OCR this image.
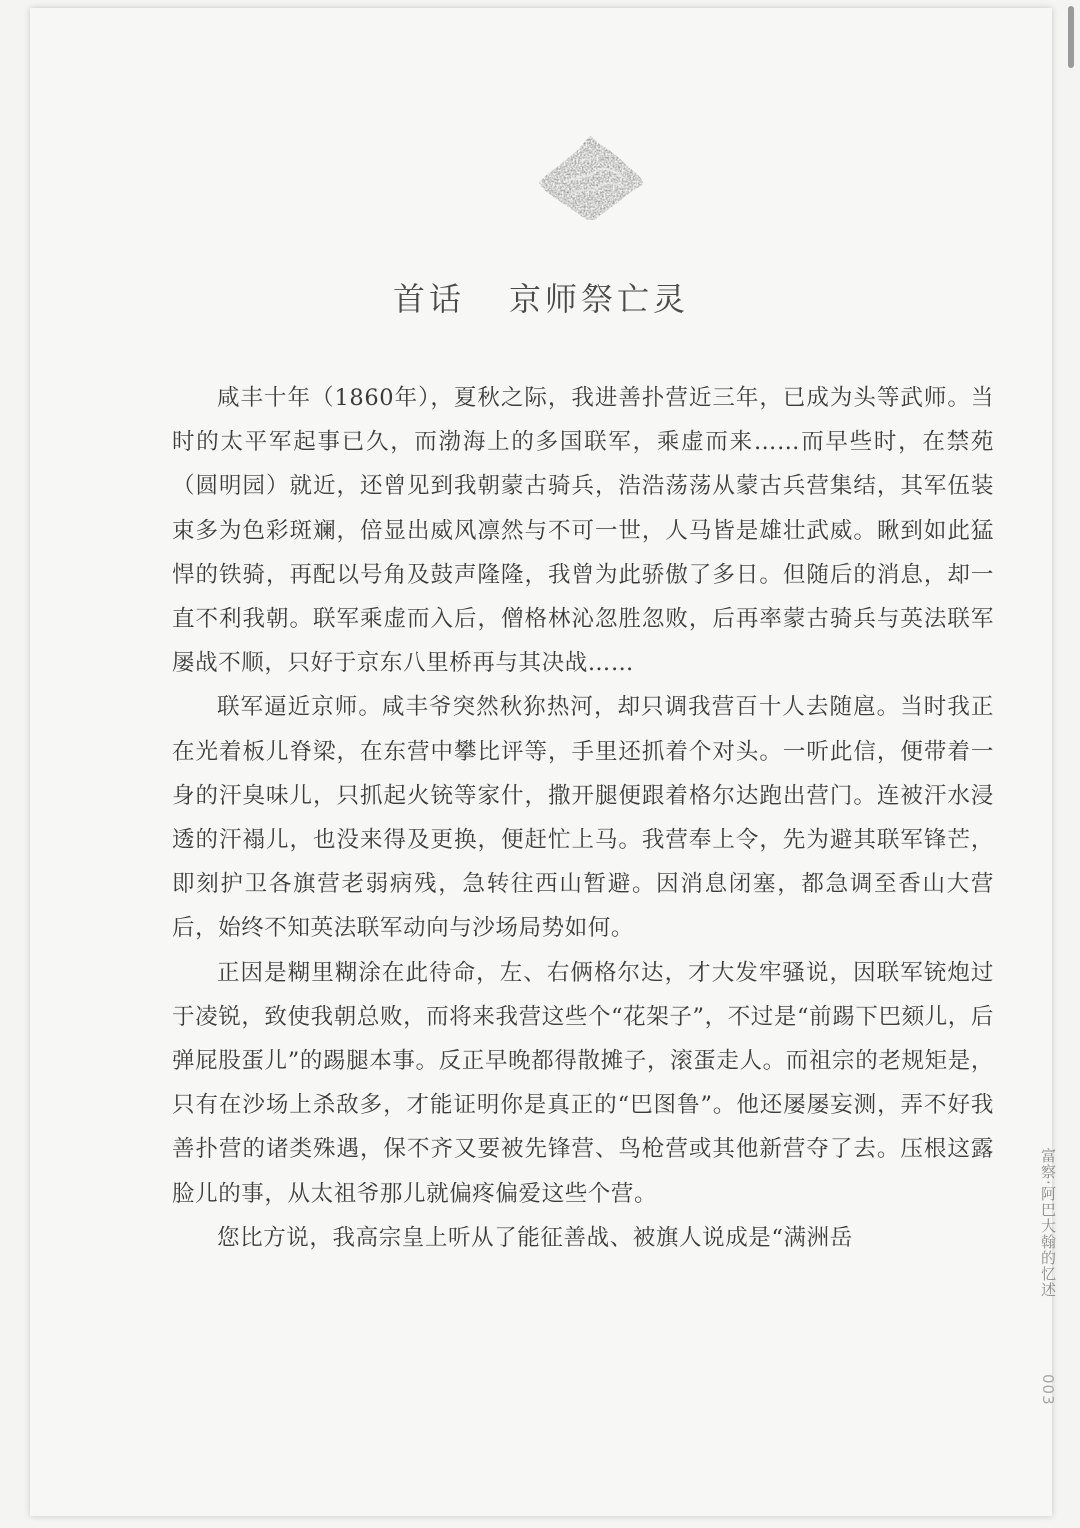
首话 京师祭亡灵

咸丰十年（1860年），夏秋之际，我进善扑营近三年，已成为头等武师。当时的太平军起事已久，而渤海上的多国联军，乘虚而来……而早些时，在禁苑（圆明园）就近，还曾见到我朝蒙古骑兵，浩浩荡荡从蒙古兵营集结，其军伍装束多为色彩斑斓，倍显出威风凛然与不可一世，人马皆是雄壮武威。瞅到如此猛悍的铁骑，再配以号角及鼓声隆隆，我曾为此骄傲了多日。但随后的消息，却一直不利我朝。联军乘虚而入后，僧格林沁忽胜忽败，后再率蒙古骑兵与英法联军屡战不顺，只好于京东八里桥再与其决战……

联军逼近京师。咸丰爷突然秋狝热河，却只调我营百十人去随扈。当时我正在光着板儿脊梁，在东营中攀比评等，手里还抓着个对头。一听此信，便带着一身的汗臭味儿，只抓起火铳等家什，撒开腿便跟着格尔达跑出营门。连被汗水浸透的汗褟儿，也没来得及更换，便赶忙上马。我营奉上令，先为避其联军锋芒，即刻护卫各旗营老弱病残，急转往西山暂避。因消息闭塞，都急调至香山大营后，始终不知英法联军动向与沙场局势如何。

正因是糊里糊涂在此待命，左、右俩格尔达，才大发牢骚说，因联军铳炮过于凌锐，致使我朝总败，而将来我营这些个“花架子”，不过是“前踢下巴颏儿，后弹屁股蛋儿”的踢腿本事。反正早晚都得散摊子，滚蛋走人。而祖宗的老规矩是，只有在沙场上杀敌多，才能证明你是真正的“巴图鲁”。他还屡屡妄测，弄不好我善扑营的诸类殊遇，保不齐又要被先锋营、鸟枪营或其他新营夺了去。压根这露脸儿的事，从太祖爷那儿就偏疼偏爱这些个营。

您比方说，我高宗皇上听从了能征善战、被旗人说成是“满洲岳	富察·阿巴大翰的忆述
003
